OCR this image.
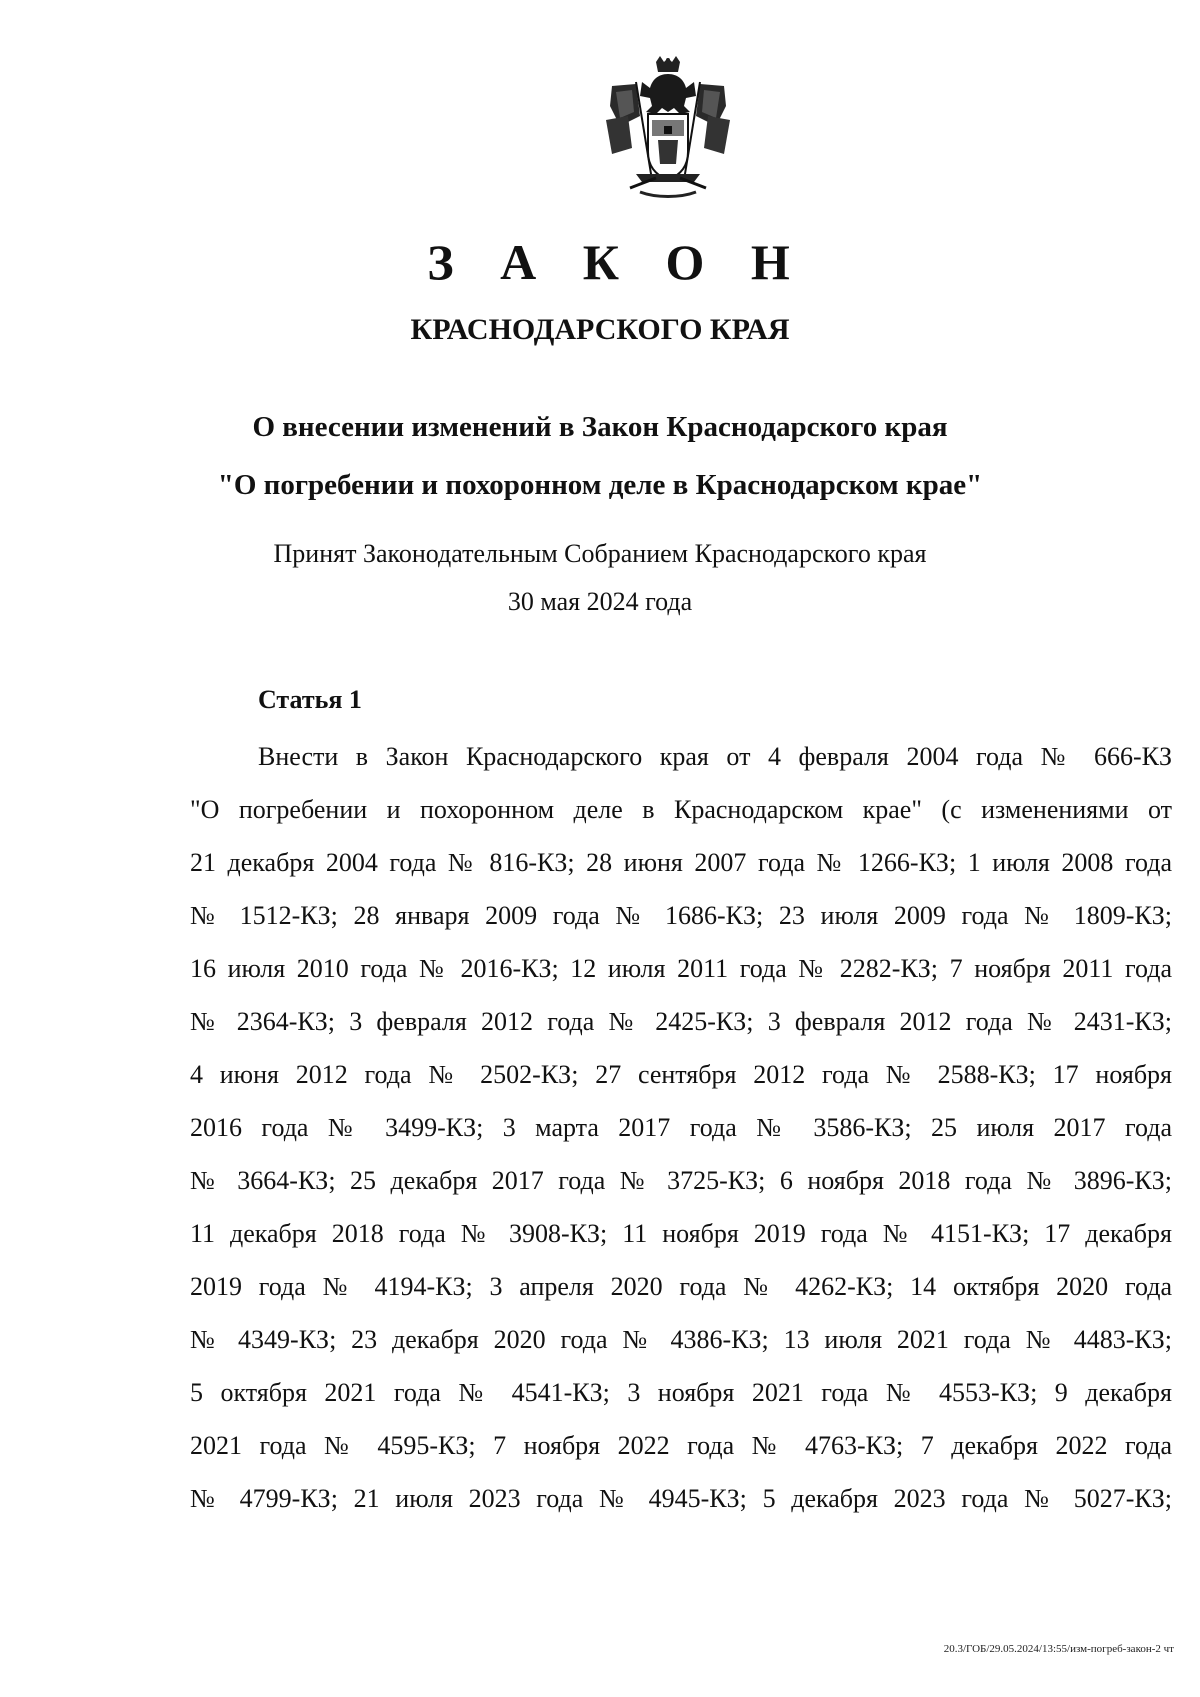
З А К О Н
КРАСНОДАРСКОГО КРАЯ
О внесении изменений в Закон Краснодарского края
"О погребении и похоронном деле в Краснодарском крае"
Принят Законодательным Собранием Краснодарского края
30 мая 2024 года
Статья 1
Внести в Закон Краснодарского края от 4 февраля 2004 года № 666-КЗ
"О погребении и похоронном деле в Краснодарском крае" (с изменениями от
21 декабря 2004 года № 816-КЗ; 28 июня 2007 года № 1266-КЗ; 1 июля 2008 года
№ 1512-КЗ; 28 января 2009 года № 1686-КЗ; 23 июля 2009 года № 1809-КЗ;
16 июля 2010 года № 2016-КЗ; 12 июля 2011 года № 2282-КЗ; 7 ноября 2011 года
№ 2364-КЗ; 3 февраля 2012 года № 2425-КЗ; 3 февраля 2012 года № 2431-КЗ;
4 июня 2012 года № 2502-КЗ; 27 сентября 2012 года № 2588-КЗ; 17 ноября
2016 года № 3499-КЗ; 3 марта 2017 года № 3586-КЗ; 25 июля 2017 года
№ 3664-КЗ; 25 декабря 2017 года № 3725-КЗ; 6 ноября 2018 года № 3896-КЗ;
11 декабря 2018 года № 3908-КЗ; 11 ноября 2019 года № 4151-КЗ; 17 декабря
2019 года № 4194-КЗ; 3 апреля 2020 года № 4262-КЗ; 14 октября 2020 года
№ 4349-КЗ; 23 декабря 2020 года № 4386-КЗ; 13 июля 2021 года № 4483-КЗ;
5 октября 2021 года № 4541-КЗ; 3 ноября 2021 года № 4553-КЗ; 9 декабря
2021 года № 4595-КЗ; 7 ноября 2022 года № 4763-КЗ; 7 декабря 2022 года
№ 4799-КЗ; 21 июля 2023 года № 4945-КЗ; 5 декабря 2023 года № 5027-КЗ;
20.3/ГОБ/29.05.2024/13:55/изм-погреб-закон-2 чт
